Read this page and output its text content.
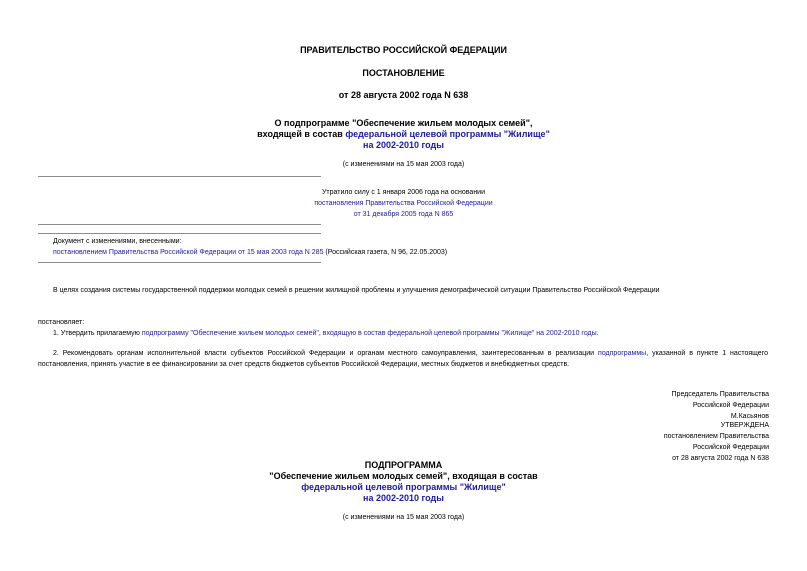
ПРАВИТЕЛЬСТВО РОССИЙСКОЙ ФЕДЕРАЦИИ
ПОСТАНОВЛЕНИЕ
от 28 августа 2002 года N 638
О подпрограмме "Обеспечение жильем молодых семей",
входящей в состав федеральной целевой программы "Жилище"
на 2002-2010 годы
(с изменениями на 15 мая 2003 года)
Утратило силу с 1 января 2006 года на основании
постановления Правительства Российской Федерации
от 31 декабря 2005 года N 865
Документ с изменениями, внесенными:
постановлением Правительства Российской Федерации от 15 мая 2003 года N 285 (Российская газета, N 96, 22.05.2003)
В целях создания системы государственной поддержки молодых семей в решении жилищной проблемы и улучшения демографической ситуации Правительство Российской Федерации
постановляет:
1. Утвердить прилагаемую подпрограмму "Обеспечение жильем молодых семей", входящую в состав федеральной целевой программы "Жилище" на 2002-2010 годы.
2. Рекомендовать органам исполнительной власти субъектов Российской Федерации и органам местного самоуправления, заинтересованным в реализации подпрограммы, указанной в пункте 1 настоящего постановления, принять участие в ее финансировании за счет средств бюджетов субъектов Российской Федерации, местных бюджетов и внебюджетных средств.
Председатель Правительства
Российской Федерации
М.Касьянов
УТВЕРЖДЕНА
постановлением Правительства
Российской Федерации
от 28 августа 2002 года N 638
ПОДПРОГРАММА
"Обеспечение жильем молодых семей", входящая в состав
федеральной целевой программы "Жилище"
на 2002-2010 годы
(с изменениями на 15 мая 2003 года)
